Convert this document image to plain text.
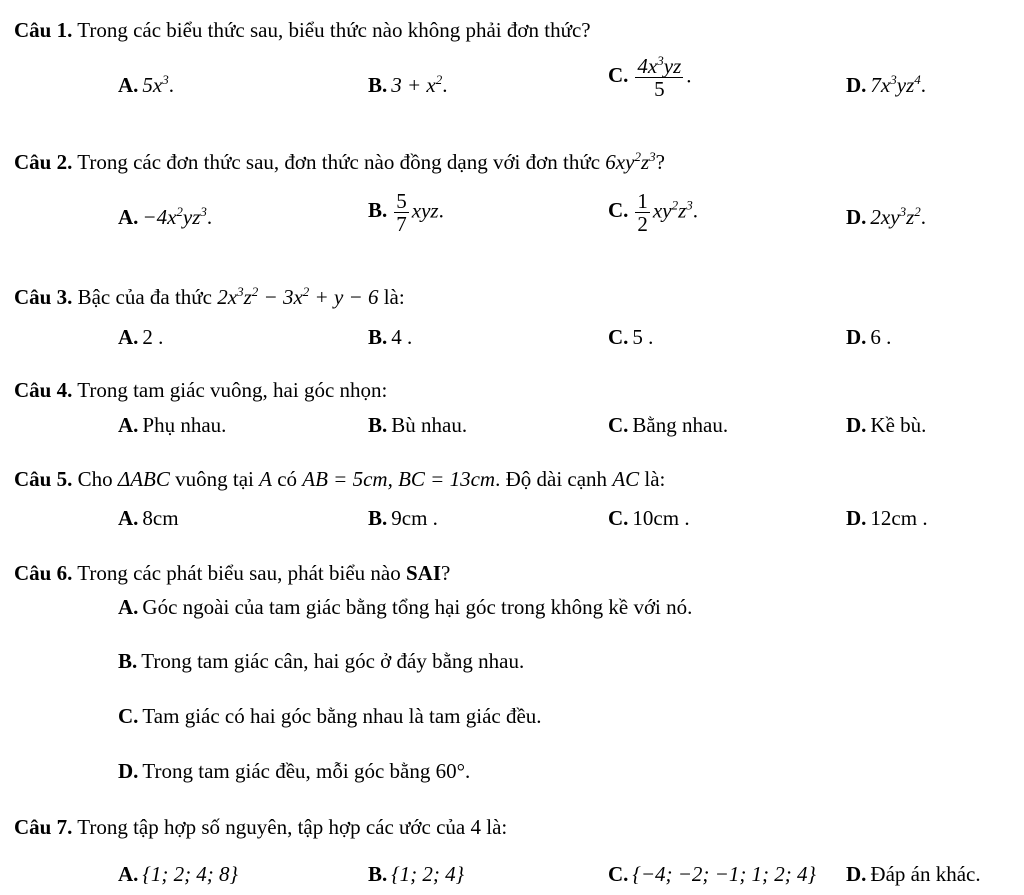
Câu 1. Trong các biểu thức sau, biểu thức nào không phải đơn thức?
A. $5x^3$.	B. $3 + x^2$.	C. $\frac{4x^3yz}{5}$ .	D. $7x^3yz^4$.
Câu 2. Trong các đơn thức sau, đơn thức nào đồng dạng với đơn thức $6xy^2z^3$?
A. $-4x^2yz^3$.	B. $\frac{5}{7}$ xyz.	C. $\frac{1}{2} xy^2z^3$.	D. $2xy^3z^2$.
Câu 3. Bậc của đa thức $2x^3z^2 - 3x^2 + y - 6$ là:
A. 2 .	B. 4 .	C. 5 .	D. 6 .
Câu 4. Trong tam giác vuông, hai góc nhọn:
A. Phụ nhau.	B. Bù nhau.	C. Bằng nhau.	D. Kề bù.
Câu 5. Cho ΔABC vuông tại A có AB = 5cm, BC = 13cm. Độ dài cạnh AC là:
A. 8cm	B. 9cm .	C. 10cm .	D. 12cm .
Câu 6. Trong các phát biểu sau, phát biểu nào SAI?
A. Góc ngoài của tam giác bằng tổng hại góc trong không kề với nó.
B. Trong tam giác cân, hai góc ở đáy bằng nhau.
C. Tam giác có hai góc bằng nhau là tam giác đều.
D. Trong tam giác đều, mỗi góc bằng 60°.
Câu 7. Trong tập hợp số nguyên, tập hợp các ước của 4 là:
A. {1; 2; 4; 8}	B. {1; 2; 4}	C. {−4; −2; −1; 1; 2; 4} D. Đáp án khác.
